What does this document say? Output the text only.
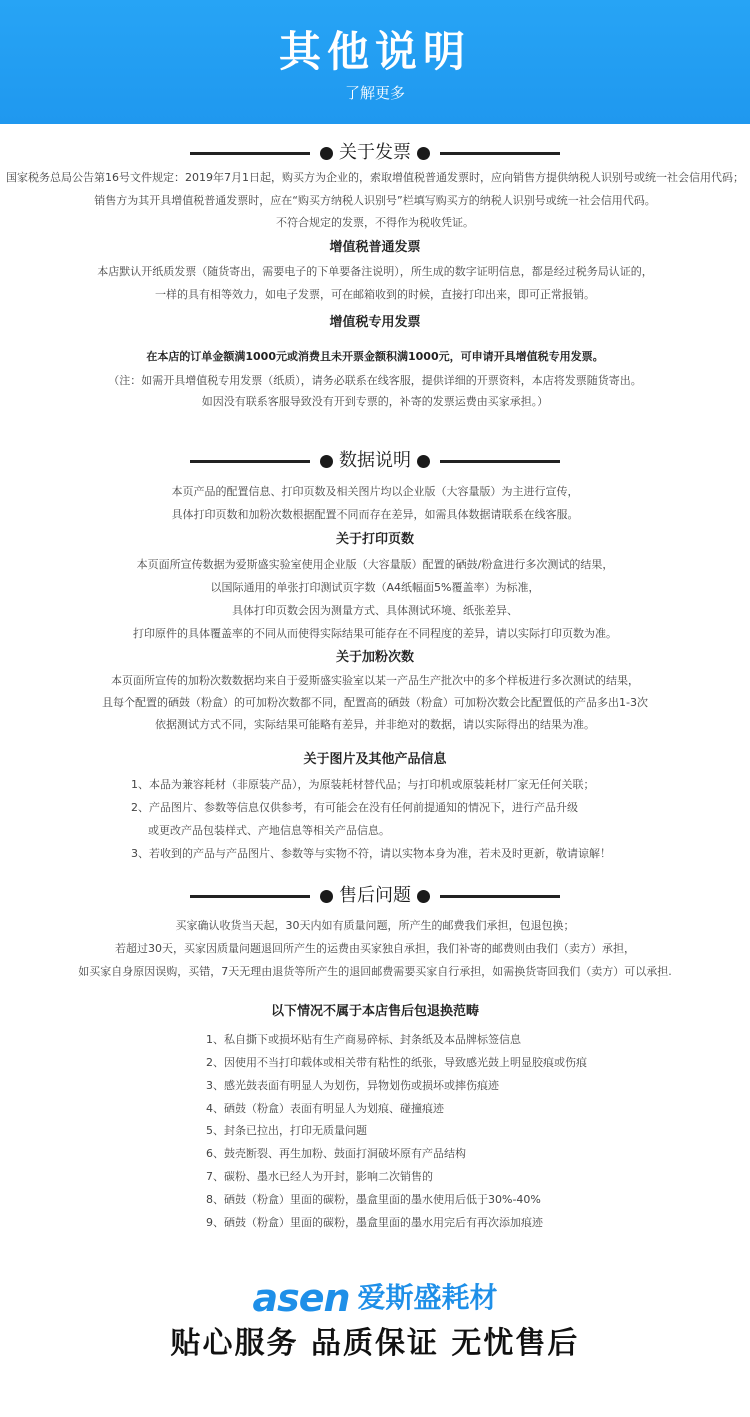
其他说明
了解更多
关于发票
国家税务总局公告第16号文件规定：2019年7月1日起，购买方为企业的，索取增值税普通发票时，应向销售方提供纳税人识别号或统一社会信用代码；
销售方为其开具增值税普通发票时，应在“购买方纳税人识别号”栏填写购买方的纳税人识别号或统一社会信用代码。
不符合规定的发票，不得作为税收凭证。
增值税普通发票
本店默认开纸质发票（随货寄出，需要电子的下单要备注说明），所生成的数字证明信息，都是经过税务局认证的，
一样的具有相等效力，如电子发票，可在邮箱收到的时候，直接打印出来，即可正常报销。
增值税专用发票
在本店的订单金额满1000元或消费且未开票金额积满1000元，可申请开具增值税专用发票。
（注：如需开具增值税专用发票（纸质），请务必联系在线客服，提供详细的开票资料，本店将发票随货寄出。
如因没有联系客服导致没有开到专票的，补寄的发票运费由买家承担。）
数据说明
本页产品的配置信息、打印页数及相关图片均以企业版（大容量版）为主进行宣传，
具体打印页数和加粉次数根据配置不同而存在差异，如需具体数据请联系在线客服。
关于打印页数
本页面所宣传数据为爱斯盛实验室使用企业版（大容量版）配置的硒鼓/粉盒进行多次测试的结果，
以国际通用的单张打印测试页字数（A4纸幅面5%覆盖率）为标准，
具体打印页数会因为测量方式、具体测试环境、纸张差异、
打印原件的具体覆盖率的不同从而使得实际结果可能存在不同程度的差异，请以实际打印页数为准。
关于加粉次数
本页面所宣传的加粉次数数据均来自于爱斯盛实验室以某一产品生产批次中的多个样板进行多次测试的结果，
且每个配置的硒鼓（粉盒）的可加粉次数都不同，配置高的硒鼓（粉盒）可加粉次数会比配置低的产品多出1-3次
依据测试方式不同，实际结果可能略有差异，并非绝对的数据，请以实际得出的结果为准。
关于图片及其他产品信息
1、本品为兼容耗材（非原装产品），为原装耗材替代品；与打印机或原装耗材厂家无任何关联；
2、产品图片、参数等信息仅供参考，有可能会在没有任何前提通知的情况下，进行产品升级
或更改产品包装样式、产地信息等相关产品信息。
3、若收到的产品与产品图片、参数等与实物不符，请以实物本身为准，若未及时更新，敬请谅解！
售后问题
买家确认收货当天起，30天内如有质量问题，所产生的邮费我们承担，包退包换；
若超过30天，买家因质量问题退回所产生的运费由买家独自承担，我们补寄的邮费则由我们（卖方）承担，
如买家自身原因误购，买错，7天无理由退货等所产生的退回邮费需要买家自行承担，如需换货寄回我们（卖方）可以承担.
以下情况不属于本店售后包退换范畴
1、私自撕下或损坏贴有生产商易碎标、封条纸及本品牌标签信息
2、因使用不当打印载体或相关带有粘性的纸张，导致感光鼓上明显胶痕或伤痕
3、感光鼓表面有明显人为划伤，异物划伤或损坏或摔伤痕迹
4、硒鼓（粉盒）表面有明显人为划痕、碰撞痕迹
5、封条已拉出，打印无质量问题
6、鼓壳断裂、再生加粉、鼓面打洞破坏原有产品结构
7、碳粉、墨水已经人为开封，影响二次销售的
8、硒鼓（粉盒）里面的碳粉，墨盒里面的墨水使用后低于30%-40%
9、硒鼓（粉盒）里面的碳粉，墨盒里面的墨水用完后有再次添加痕迹
asen 爱斯盛耗材
贴心服务 品质保证 无忧售后
